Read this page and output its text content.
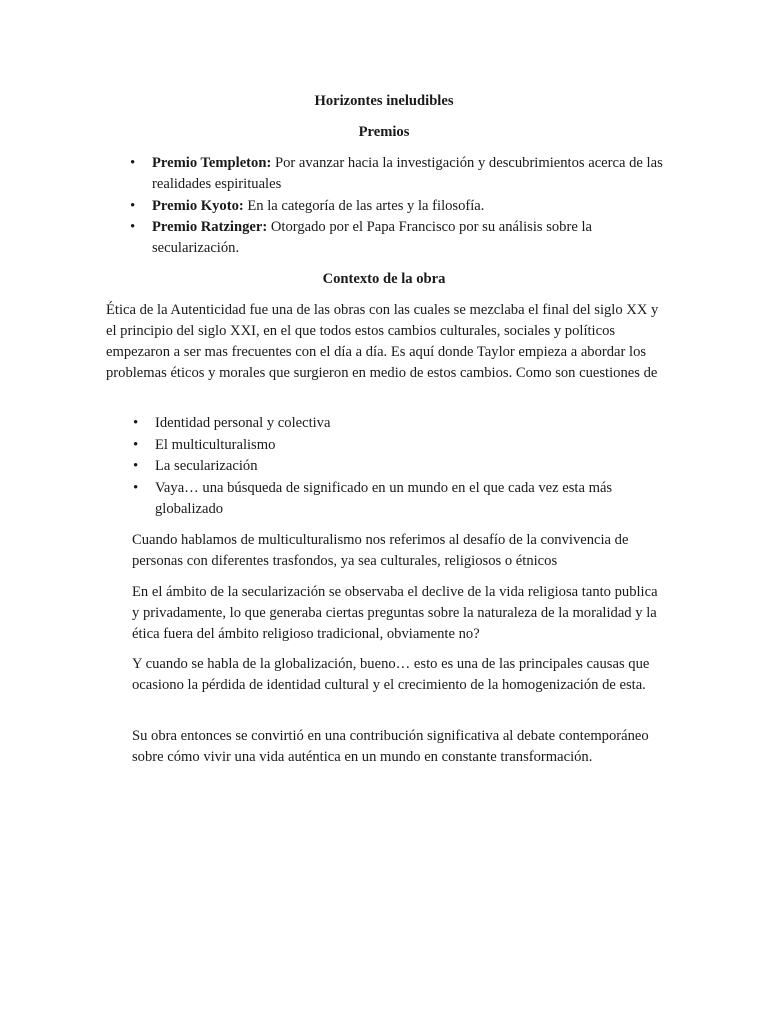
Horizontes ineludibles
Premios
• Premio Templeton: Por avanzar hacia la investigación y descubrimientos acerca de las realidades espirituales
• Premio Kyoto: En la categoría de las artes y la filosofía.
• Premio Ratzinger: Otorgado por el Papa Francisco por su análisis sobre la secularización.
Contexto de la obra

Ética de la Autenticidad fue una de las obras con las cuales se mezclaba el final del siglo XX y el principio del siglo XXI, en el que todos estos cambios culturales, sociales y políticos empezaron a ser mas frecuentes con el día a día. Es aquí donde Taylor empieza a abordar los problemas éticos y morales que surgieron en medio de estos cambios. Como son cuestiones de

• Identidad personal y colectiva
• El multiculturalismo
• La secularización
• Vaya… una búsqueda de significado en un mundo en el que cada vez esta más globalizado

Cuando hablamos de multiculturalismo nos referimos al desafío de la convivencia de personas con diferentes trasfondos, ya sea culturales, religiosos o étnicos

En el ámbito de la secularización se observaba el declive de la vida religiosa tanto publica y privadamente, lo que generaba ciertas preguntas sobre la naturaleza de la moralidad y la ética fuera del ámbito religioso tradicional, obviamente no?

Y cuando se habla de la globalización, bueno… esto es una de las principales causas que ocasiono la pérdida de identidad cultural y el crecimiento de la homogenización de esta.

Su obra entonces se convirtió en una contribución significativa al debate contemporáneo sobre cómo vivir una vida auténtica en un mundo en constante transformación.
